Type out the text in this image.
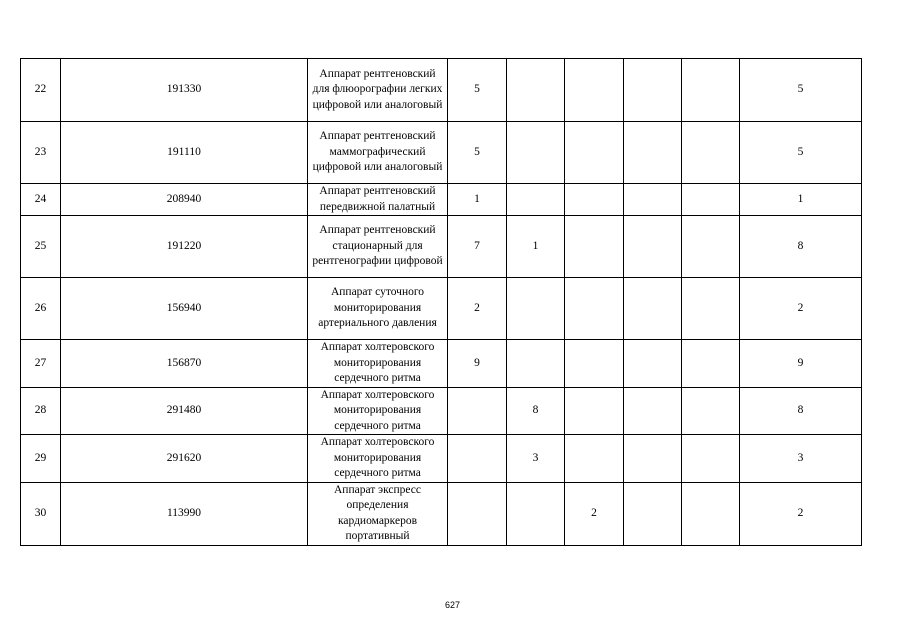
22	191330	Аппарат рентгеновский для флюорографии легких цифровой или аналоговый	5					5
23	191110	Аппарат рентгеновский маммографический цифровой или аналоговый	5					5
24	208940	Аппарат рентгеновский передвижной палатный	1					1
25	191220	Аппарат рентгеновский стационарный для рентгенографии цифровой	7	1				8
26	156940	Аппарат суточного мониторирования артериального давления	2					2
27	156870	Аппарат холтеровского мониторирования сердечного ритма	9					9
28	291480	Аппарат холтеровского мониторирования сердечного ритма		8				8
29	291620	Аппарат холтеровского мониторирования сердечного ритма		3				3
30	113990	Аппарат экспресс определения кардиомаркеров портативный			2			2
627
